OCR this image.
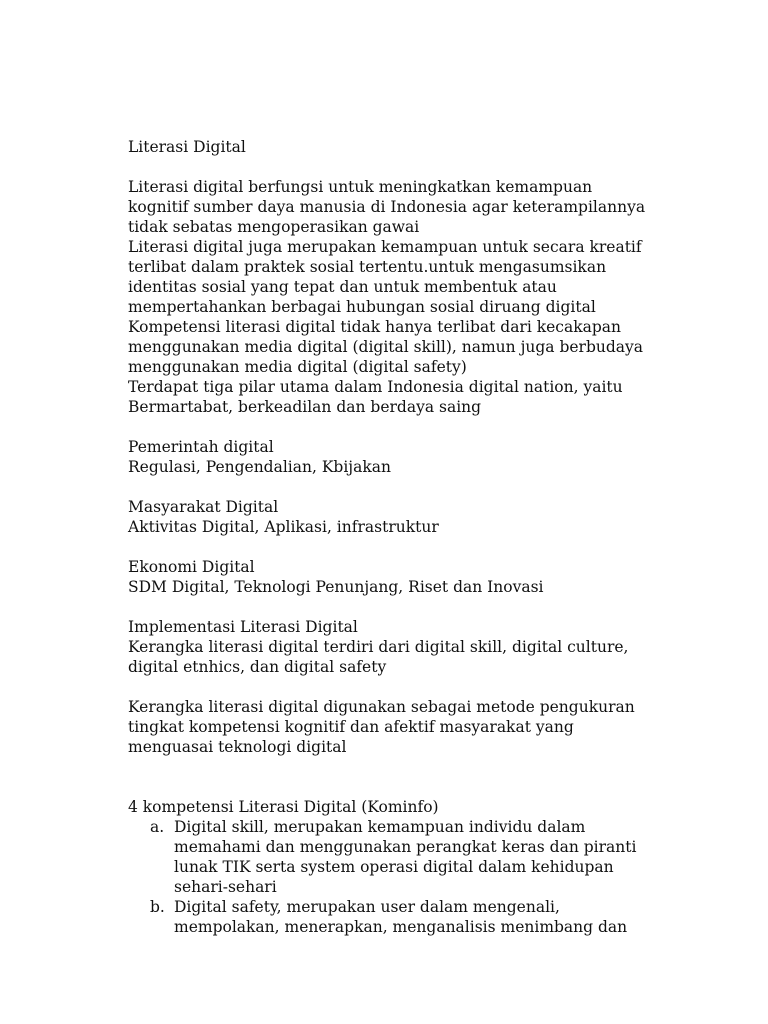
Literasi Digital
Literasi digital berfungsi untuk meningkatkan kemampuan
kognitif sumber daya manusia di Indonesia agar keterampilannya
tidak sebatas mengoperasikan gawai
Literasi digital juga merupakan kemampuan untuk secara kreatif
terlibat dalam praktek sosial tertentu.untuk mengasumsikan
identitas sosial yang tepat dan untuk membentuk atau
mempertahankan berbagai hubungan sosial diruang digital
Kompetensi literasi digital tidak hanya terlibat dari kecakapan
menggunakan media digital (digital skill), namun juga berbudaya
menggunakan media digital (digital safety)
Terdapat tiga pilar utama dalam Indonesia digital nation, yaitu
Bermartabat, berkeadilan dan berdaya saing
Pemerintah digital
Regulasi, Pengendalian, Kbijakan
Masyarakat Digital
Aktivitas Digital, Aplikasi, infrastruktur
Ekonomi Digital
SDM Digital, Teknologi Penunjang, Riset dan Inovasi
Implementasi Literasi Digital
Kerangka literasi digital terdiri dari digital skill, digital culture,
digital etnhics, dan digital safety
Kerangka literasi digital digunakan sebagai metode pengukuran
tingkat kompetensi kognitif dan afektif masyarakat yang
menguasai teknologi digital
4 kompetensi Literasi Digital (Kominfo)
a. Digital skill, merupakan kemampuan individu dalam
memahami dan menggunakan perangkat keras dan piranti
lunak TIK serta system operasi digital dalam kehidupan
sehari-sehari
b. Digital safety, merupakan user dalam mengenali,
mempolakan, menerapkan, menganalisis menimbang dan
